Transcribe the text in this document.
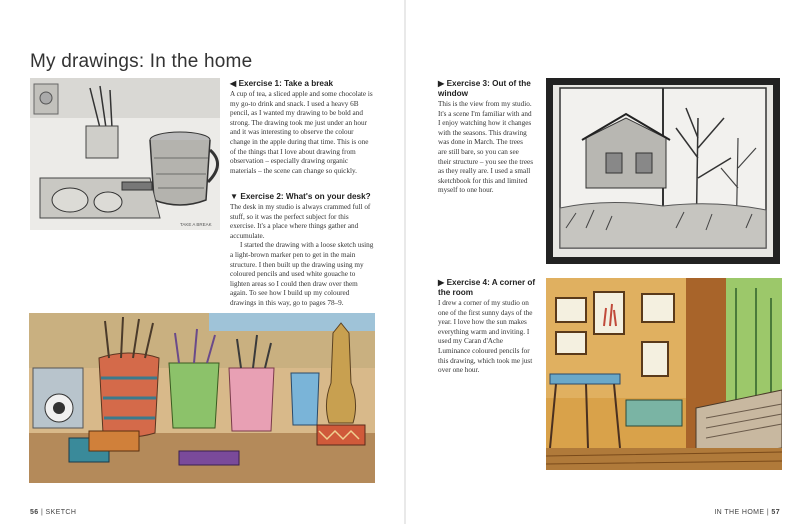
My drawings: In the home
TAKE A BREAK
◀ Exercise 1: Take a break

A cup of tea, a sliced apple and some chocolate is my go-to drink and snack. I used a heavy 6B pencil, as I wanted my drawing to be bold and strong. The drawing took me just under an hour and it was interesting to observe the colour change in the apple during that time. This is one of the things that I love about drawing from observation – especially drawing organic materials – the scene can change so quickly.

▼ Exercise 2: What's on your desk?

The desk in my studio is always crammed full of stuff, so it was the perfect subject for this exercise. It's a place where things gather and accumulate.

I started the drawing with a loose sketch using a light-brown marker pen to get in the main structure. I then built up the drawing using my coloured pencils and used white gouache to lighten areas so I could then draw over them again. To see how I build up my coloured drawings in this way, go to pages 78–9.

▶ Exercise 3: Out of the window

This is the view from my studio. It's a scene I'm familiar with and I enjoy watching how it changes with the seasons. This drawing was done in March. The trees are still bare, so you can see their structure – you see the trees as they really are. I used a small sketchbook for this and limited myself to one hour.

▶ Exercise 4: A corner of the room

I drew a corner of my studio on one of the first sunny days of the year. I love how the sun makes everything warm and inviting. I used my Caran d'Ache Luminance coloured pencils for this drawing, which took me just over one hour.

56 | SKETCH	IN THE HOME | 57
